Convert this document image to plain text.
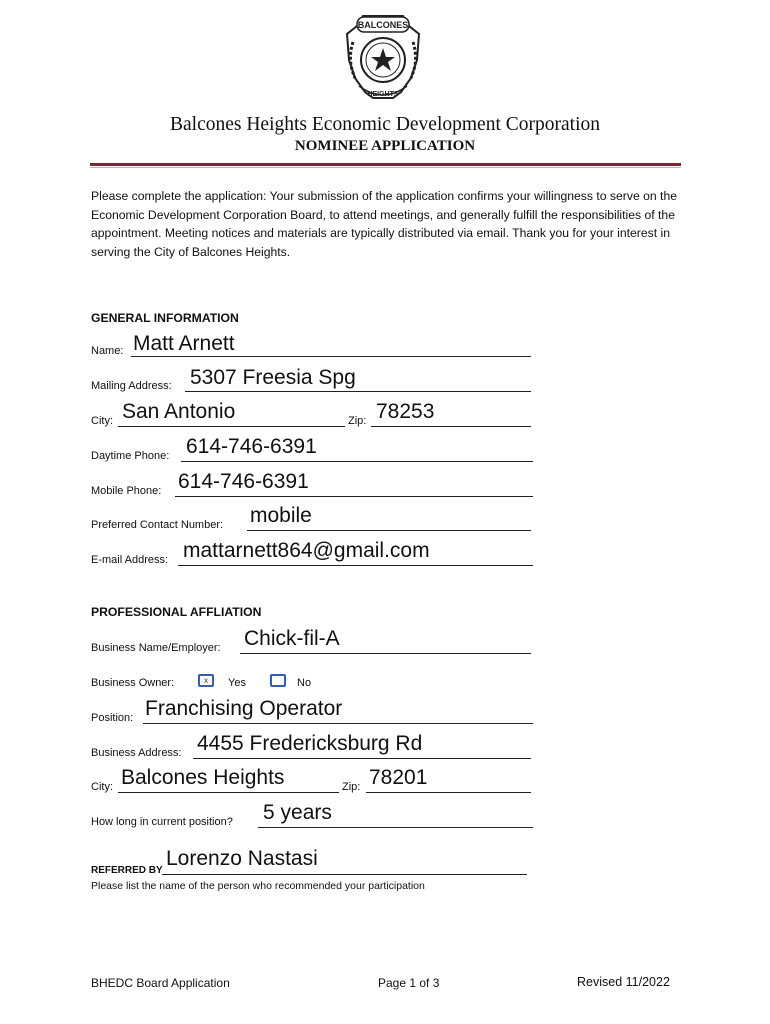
BALCONES
HEIGHTS
Balcones Heights Economic Development Corporation
NOMINEE APPLICATION
Please complete the application: Your submission of the application confirms your willingness to serve on the Economic Development Corporation Board, to attend meetings, and generally fulfill the responsibilities of the appointment. Meeting notices and materials are typically distributed via email. Thank you for your interest in serving the City of Balcones Heights.
GENERAL INFORMATION
Name: Matt Arnett
Mailing Address: 5307 Freesia Spg
City: San Antonio	Zip: 78253
Daytime Phone: 614-746-6391
Mobile Phone: 614-746-6391
Preferred Contact Number: mobile
E-mail Address: mattarnett864@gmail.com
PROFESSIONAL AFFLIATION
Business Name/Employer: Chick-fil-A
Business Owner:	x	Yes	No
Position: Franchising Operator
Business Address: 4455 Fredericksburg Rd
City: Balcones Heights	Zip: 78201
How long in current position? 5 years
REFERRED BY
Lorenzo Nastasi
Please list the name of the person who recommended your participation
BHEDC Board Application	Page 1 of 3	Revised 11/2022
